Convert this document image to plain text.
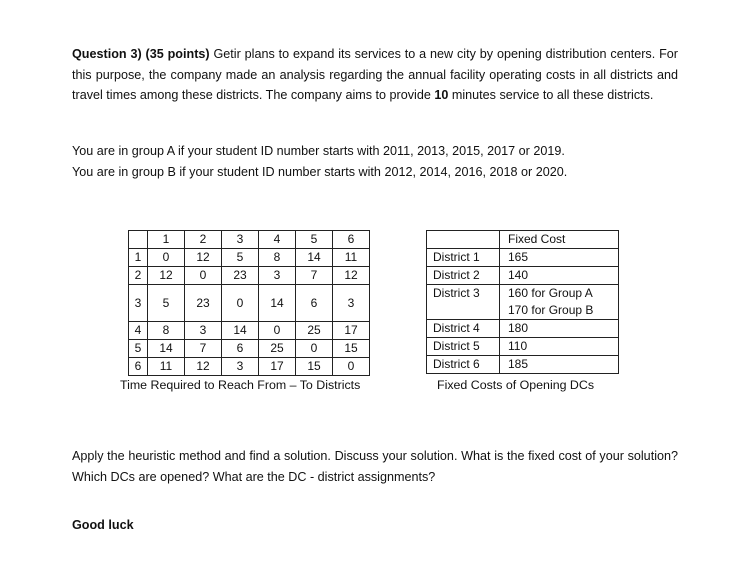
Question 3) (35 points) Getir plans to expand its services to a new city by opening distribution centers. For this purpose, the company made an analysis regarding the annual facility operating costs in all districts and travel times among these districts. The company aims to provide 10 minutes service to all these districts.
You are in group A if your student ID number starts with 2011, 2013, 2015, 2017 or 2019.
You are in group B if your student ID number starts with 2012, 2014, 2016, 2018 or 2020.
	1	2	3	4	5	6
1	0	12	5	8	14	11
2	12	0	23	3	7	12
3	5	23	0	14	6	3
4	8	3	14	0	25	17
5	14	7	6	25	0	15
6	11	12	3	17	15	0
Time Required to Reach From – To Districts
	Fixed Cost
District 1	165
District 2	140
District 3	160 for Group A
170 for Group B

District 4	180
District 5	110
District 6	185
Fixed Costs of Opening DCs
Apply the heuristic method and find a solution. Discuss your solution. What is the fixed cost of your solution? Which DCs are opened? What are the DC - district assignments?
Good luck
